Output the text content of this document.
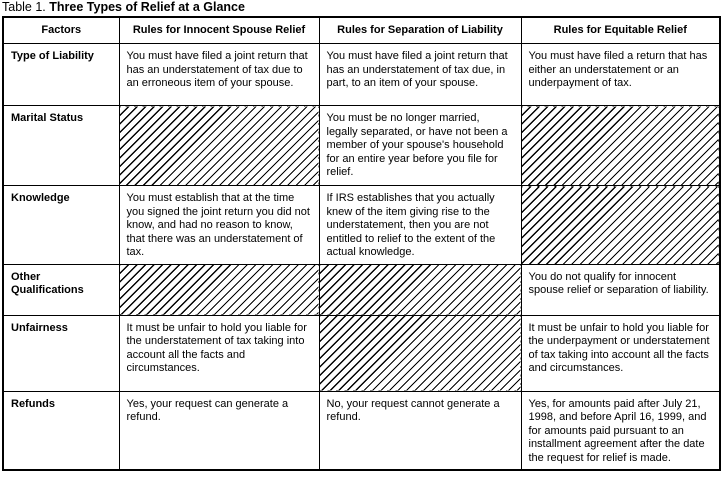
Table 1. Three Types of Relief at a Glance
Factors	Rules for Innocent Spouse Relief	Rules for Separation of Liability	Rules for Equitable Relief
Type of Liability	You must have filed a joint return that has an understatement of tax due to an erroneous item of your spouse.	You must have filed a joint return that has an understatement of tax due, in part, to an item of your spouse.	You must have filed a return that has either an understatement or an underpayment of tax.
Marital Status		You must be no longer married, legally separated, or have not been a member of your spouse's household for an entire year before you file for relief.	
Knowledge	You must establish that at the time you signed the joint return you did not know, and had no reason to know, that there was an understatement of tax.	If IRS establishes that you actually knew of the item giving rise to the understatement, then you are not entitled to relief to the extent of the actual knowledge.	
Other Qualifications			You do not qualify for innocent spouse relief or separation of liability.
Unfairness	It must be unfair to hold you liable for the understatement of tax taking into account all the facts and circumstances.		It must be unfair to hold you liable for the underpayment or understatement of tax taking into account all the facts and circumstances.
Refunds	Yes, your request can generate a refund.	No, your request cannot generate a refund.	Yes, for amounts paid after July 21, 1998, and before April 16, 1999, and for amounts paid pursuant to an installment agreement after the date the request for relief is made.
